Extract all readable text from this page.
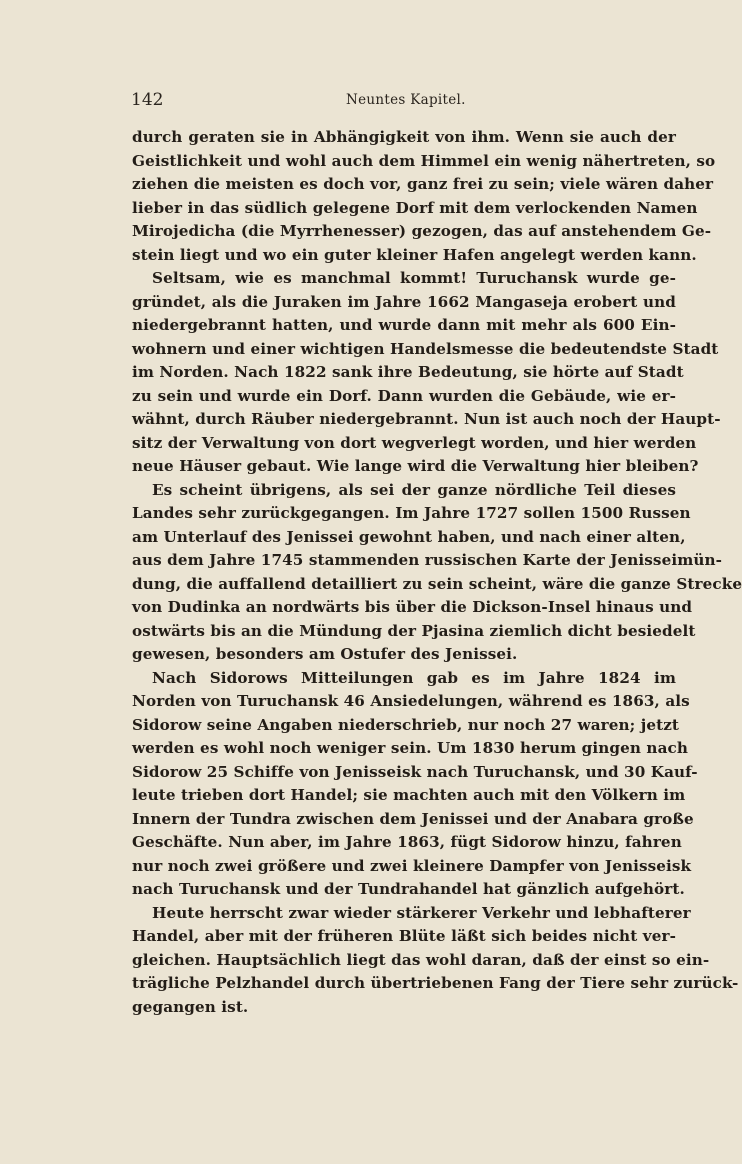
142	Neuntes Kapitel.
durch geraten sie in Abhängigkeit von ihm. Wenn sie auch der
Geistlichkeit und wohl auch dem Himmel ein wenig nähertreten, so
ziehen die meisten es doch vor, ganz frei zu sein; viele wären daher
lieber in das südlich gelegene Dorf mit dem verlockenden Namen
Mirojedicha (die Myrrhenesser) gezogen, das auf anstehendem Ge-
stein liegt und wo ein guter kleiner Hafen angelegt werden kann.
Seltsam, wie es manchmal kommt! Turuchansk wurde ge-
gründet, als die Juraken im Jahre 1662 Mangaseja erobert und
niedergebrannt hatten, und wurde dann mit mehr als 600 Ein-
wohnern und einer wichtigen Handelsmesse die bedeutendste Stadt
im Norden. Nach 1822 sank ihre Bedeutung, sie hörte auf Stadt
zu sein und wurde ein Dorf. Dann wurden die Gebäude, wie er-
wähnt, durch Räuber niedergebrannt. Nun ist auch noch der Haupt-
sitz der Verwaltung von dort wegverlegt worden, und hier werden
neue Häuser gebaut. Wie lange wird die Verwaltung hier bleiben?
Es scheint übrigens, als sei der ganze nördliche Teil dieses
Landes sehr zurückgegangen. Im Jahre 1727 sollen 1500 Russen
am Unterlauf des Jenissei gewohnt haben, und nach einer alten,
aus dem Jahre 1745 stammenden russischen Karte der Jenisseimün-
dung, die auffallend detailliert zu sein scheint, wäre die ganze Strecke
von Dudinka an nordwärts bis über die Dickson-Insel hinaus und
ostwärts bis an die Mündung der Pjasina ziemlich dicht besiedelt
gewesen, besonders am Ostufer des Jenissei.
Nach Sidorows Mitteilungen gab es im Jahre 1824 im
Norden von Turuchansk 46 Ansiedelungen, während es 1863, als
Sidorow seine Angaben niederschrieb, nur noch 27 waren; jetzt
werden es wohl noch weniger sein. Um 1830 herum gingen nach
Sidorow 25 Schiffe von Jenisseisk nach Turuchansk, und 30 Kauf-
leute trieben dort Handel; sie machten auch mit den Völkern im
Innern der Tundra zwischen dem Jenissei und der Anabara große
Geschäfte. Nun aber, im Jahre 1863, fügt Sidorow hinzu, fahren
nur noch zwei größere und zwei kleinere Dampfer von Jenisseisk
nach Turuchansk und der Tundrahandel hat gänzlich aufgehört.
Heute herrscht zwar wieder stärkerer Verkehr und lebhafterer
Handel, aber mit der früheren Blüte läßt sich beides nicht ver-
gleichen. Hauptsächlich liegt das wohl daran, daß der einst so ein-
trägliche Pelzhandel durch übertriebenen Fang der Tiere sehr zurück-
gegangen ist.
